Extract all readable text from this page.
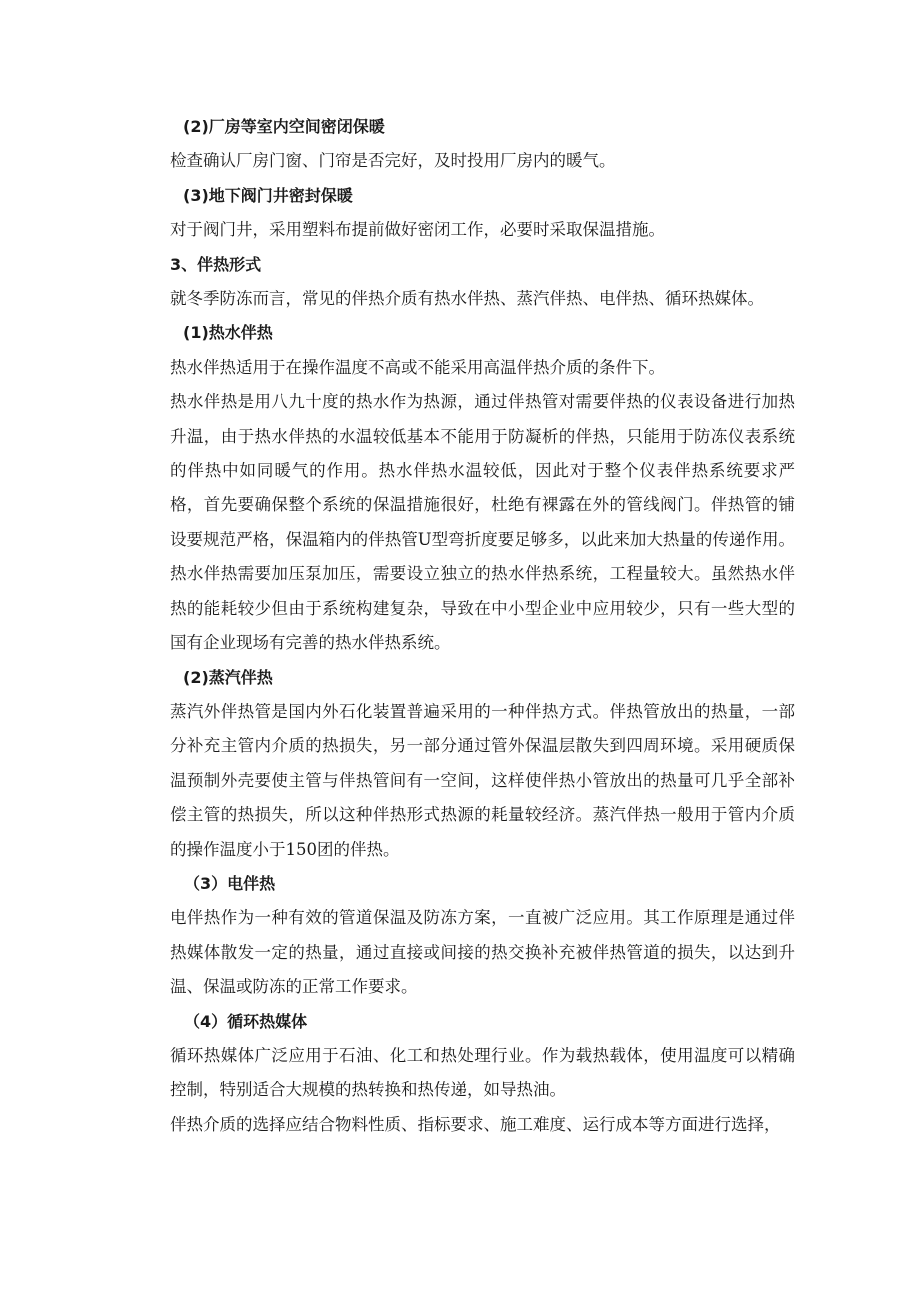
(2)厂房等室内空间密闭保暖

检查确认厂房门窗、门帘是否完好，及时投用厂房内的暖气。

(3)地下阀门井密封保暖

对于阀门井，采用塑料布提前做好密闭工作，必要时采取保温措施。

3、伴热形式

就冬季防冻而言，常见的伴热介质有热水伴热、蒸汽伴热、电伴热、循环热媒体。

(1)热水伴热

热水伴热适用于在操作温度不高或不能采用高温伴热介质的条件下。

热水伴热是用八九十度的热水作为热源，通过伴热管对需要伴热的仪表设备进行加热升温，由于热水伴热的水温较低基本不能用于防凝析的伴热，只能用于防冻仪表系统的伴热中如同暖气的作用。热水伴热水温较低，因此对于整个仪表伴热系统要求严格，首先要确保整个系统的保温措施很好，杜绝有裸露在外的管线阀门。伴热管的铺设要规范严格，保温箱内的伴热管U型弯折度要足够多，以此来加大热量的传递作用。热水伴热需要加压泵加压，需要设立独立的热水伴热系统，工程量较大。虽然热水伴热的能耗较少但由于系统构建复杂，导致在中小型企业中应用较少，只有一些大型的国有企业现场有完善的热水伴热系统。

(2)蒸汽伴热

蒸汽外伴热管是国内外石化装置普遍采用的一种伴热方式。伴热管放出的热量，一部分补充主管内介质的热损失，另一部分通过管外保温层散失到四周环境。采用硬质保温预制外壳要使主管与伴热管间有一空间，这样使伴热小管放出的热量可几乎全部补偿主管的热损失，所以这种伴热形式热源的耗量较经济。蒸汽伴热一般用于管内介质的操作温度小于150团的伴热。

（3）电伴热

电伴热作为一种有效的管道保温及防冻方案，一直被广泛应用。其工作原理是通过伴热媒体散发一定的热量，通过直接或间接的热交换补充被伴热管道的损失，以达到升温、保温或防冻的正常工作要求。

（4）循环热媒体

循环热媒体广泛应用于石油、化工和热处理行业。作为载热载体，使用温度可以精确控制，特别适合大规模的热转换和热传递，如导热油。

伴热介质的选择应结合物料性质、指标要求、施工难度、运行成本等方面进行选择，
